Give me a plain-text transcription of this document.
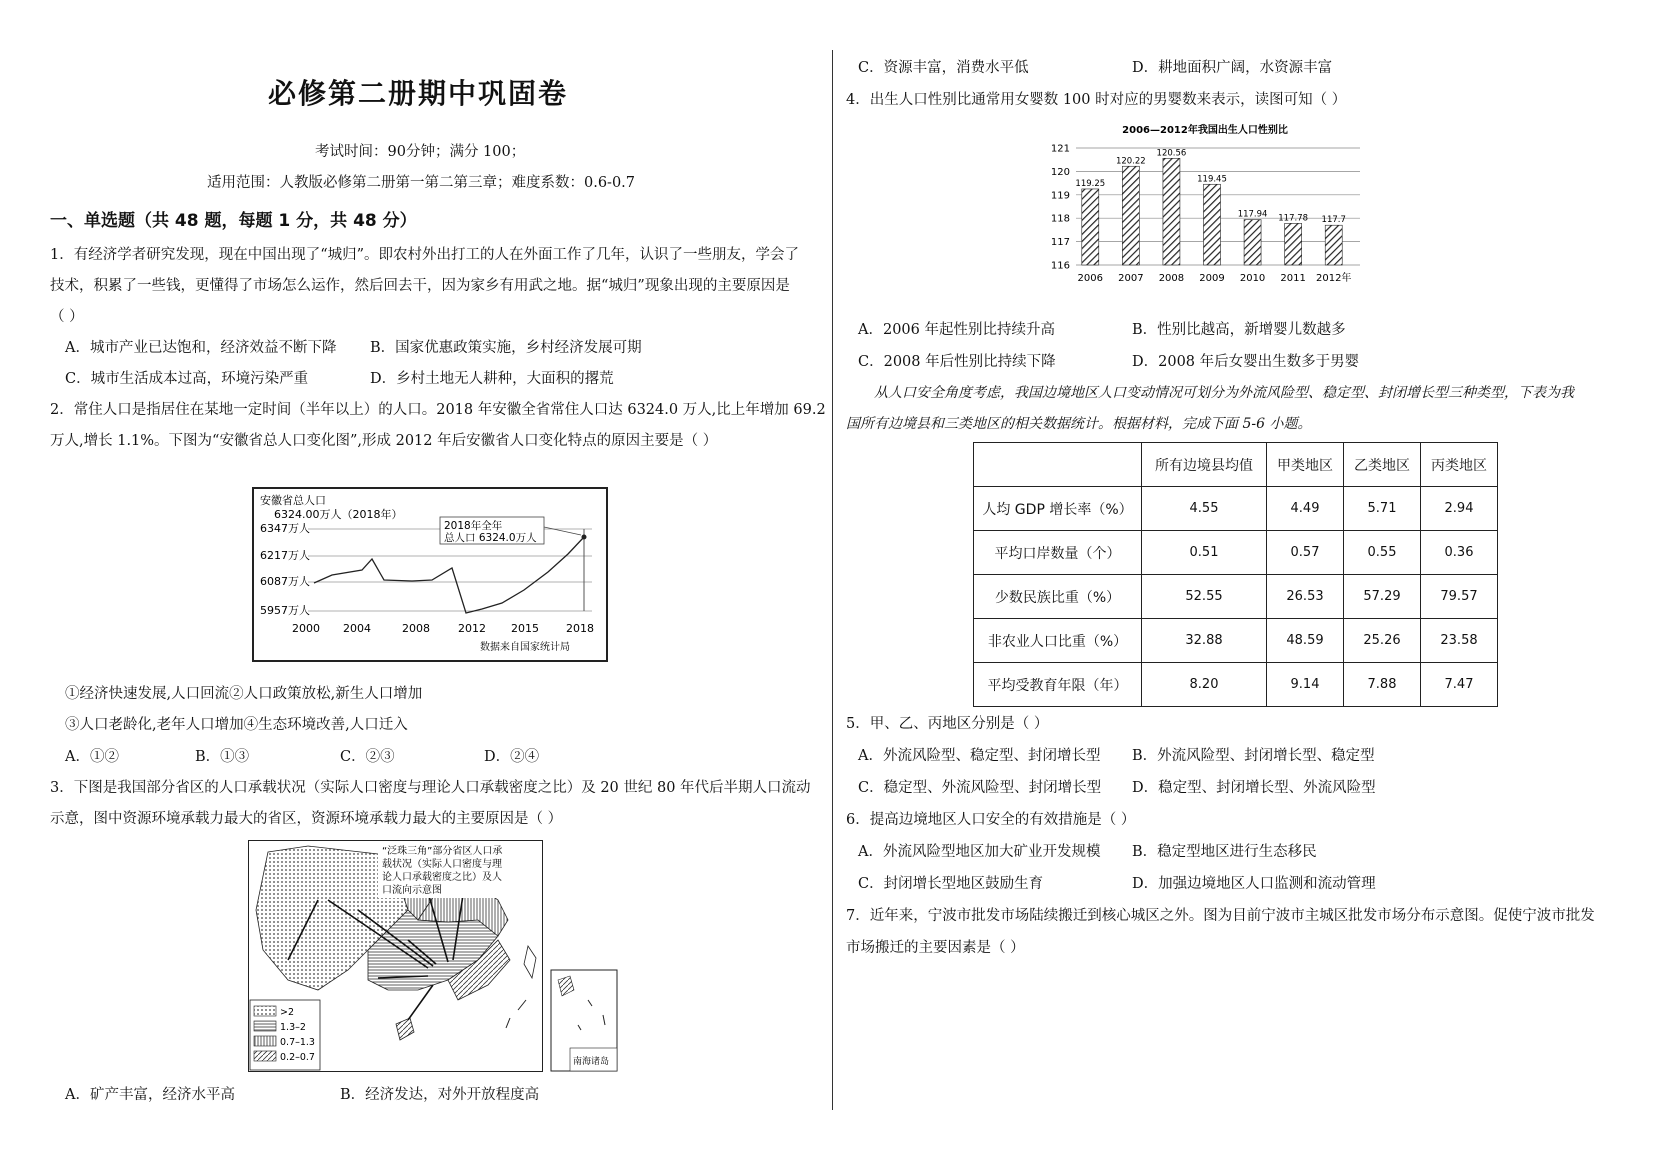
必修第二册期中巩固卷
考试时间：90分钟；满分 100；
适用范围：人教版必修第二册第一第二第三章；难度系数：0.6-0.7
一、单选题（共 48 题，每题 1 分，共 48 分）
1．有经济学者研究发现，现在中国出现了“城归”。即农村外出打工的人在外面工作了几年，认识了一些朋友，学会了
技术，积累了一些钱，更懂得了市场怎么运作，然后回去干，因为家乡有用武之地。据“城归”现象出现的主要原因是
（ ）
A．城市产业已达饱和，经济效益不断下降 B．国家优惠政策实施，乡村经济发展可期
C．城市生活成本过高，环境污染严重	D．乡村土地无人耕种，大面积的撂荒
2．常住人口是指居住在某地一定时间（半年以上）的人口。2018 年安徽全省常住人口达 6324.0 万人,比上年增加 69.2
万人,增长 1.1%。下图为“安徽省总人口变化图”,形成 2012 年后安徽省人口变化特点的原因主要是（ ）
安徽省总人口
6324.00万人（2018年）
6347万人
6217万人
6087万人
5957万人
2018年全年
总人口 6324.0万人
2000 2004	2008	2012 2015 2018
数据来自国家统计局
①经济快速发展,人口回流②人口政策放松,新生人口增加
③人口老龄化,老年人口增加④生态环境改善,人口迁入
A．①②	B．①③	C．②③	D．②④
3．下图是我国部分省区的人口承载状况（实际人口密度与理论人口承载密度之比）及 20 世纪 80 年代后半期人口流动
示意，图中资源环境承载力最大的省区，资源环境承载力最大的主要原因是（ ）
“泛珠三角”部分省区人口承
载状况（实际人口密度与理
论人口承载密度之比）及人
口流向示意图
>2
1.3–2
0.7–1.3
0.2–0.7	南海诸岛
A．矿产丰富，经济水平高	B．经济发达，对外开放程度高
C．资源丰富，消费水平低	D．耕地面积广阔，水资源丰富
4．出生人口性别比通常用女婴数 100 时对应的男婴数来表示，读图可知（ ）
2006—2012年我国出生人口性别比
121
120
119
118
117
116
119.25
120.22
120.56
119.45
117.94 117.78 117.7
2006 2007 2008 2009 2010 2011 2012年
A．2006 年起性别比持续升高	B．性别比越高，新增婴儿数越多
C．2008 年后性别比持续下降	D．2008 年后女婴出生数多于男婴
从人口安全角度考虑，我国边境地区人口变动情况可划分为外流风险型、稳定型、封闭增长型三种类型，下表为我
国所有边境县和三类地区的相关数据统计。根据材料，完成下面 5-6 小题。
	所有边境县均值	甲类地区	乙类地区	丙类地区
人均 GDP 增长率（%）	4.55	4.49	5.71	2.94
平均口岸数量（个）	0.51	0.57	0.55	0.36
少数民族比重（%）	52.55	26.53	57.29	79.57
非农业人口比重（%）	32.88	48.59	25.26	23.58
平均受教育年限（年）	8.20	9.14	7.88	7.47
5．甲、乙、丙地区分别是（ ）
A．外流风险型、稳定型、封闭增长型 B．外流风险型、封闭增长型、稳定型
C．稳定型、外流风险型、封闭增长型 D．稳定型、封闭增长型、外流风险型
6．提高边境地区人口安全的有效措施是（ ）
A．外流风险型地区加大矿业开发规模 B．稳定型地区进行生态移民
C．封闭增长型地区鼓励生育	D．加强边境地区人口监测和流动管理
7．近年来，宁波市批发市场陆续搬迁到核心城区之外。图为目前宁波市主城区批发市场分布示意图。促使宁波市批发
市场搬迁的主要因素是（ ）
